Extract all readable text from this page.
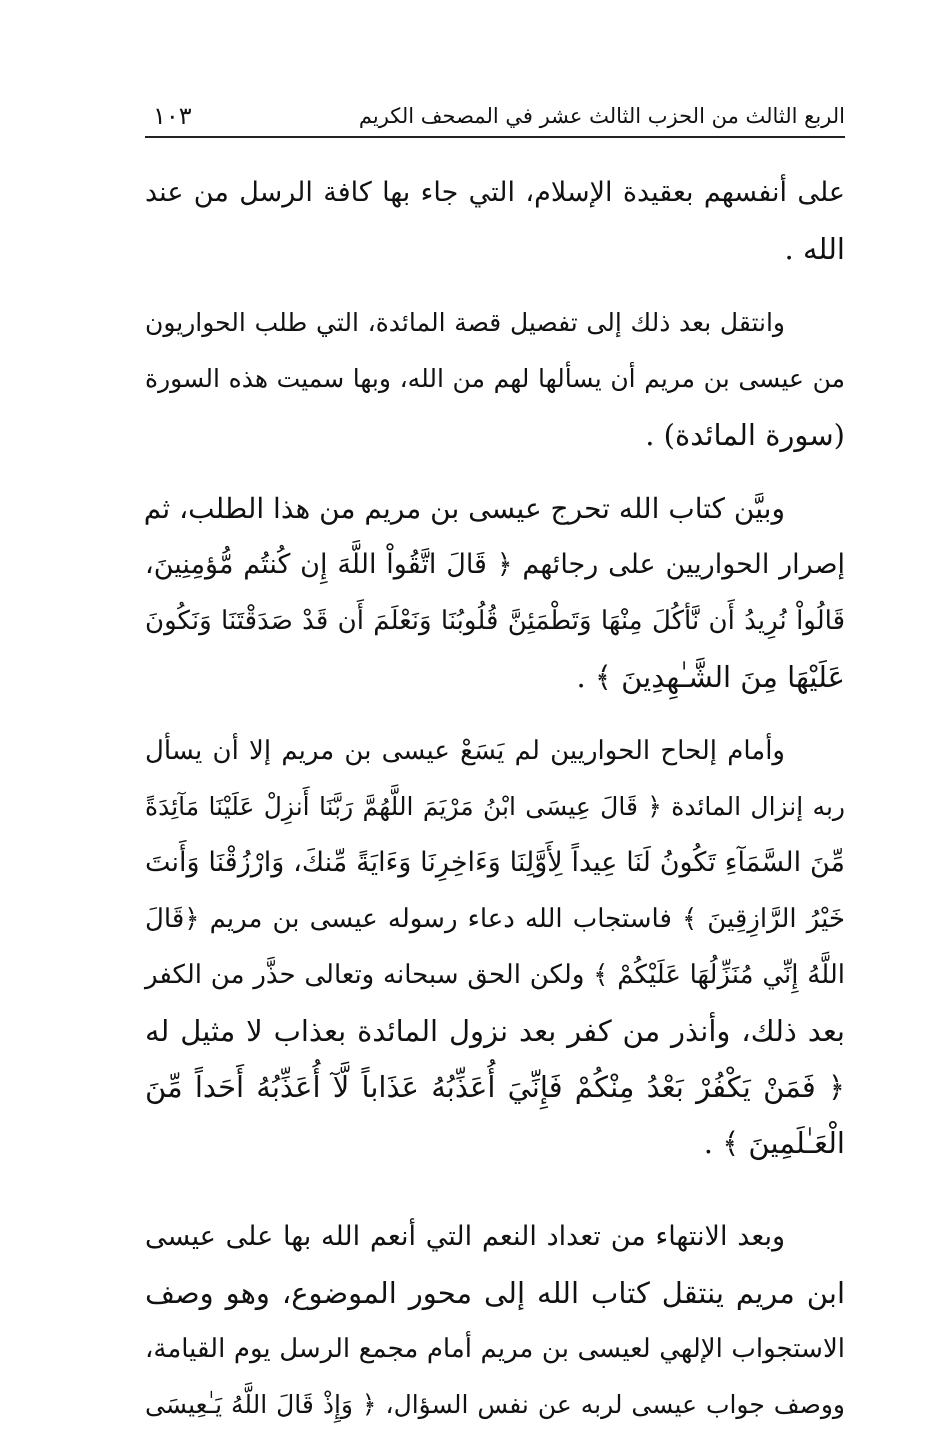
الربع الثالث من الحزب الثالث عشر في المصحف الكريم
١٠٣
على أنفسهم بعقيدة الإسلام، التي جاء بها كافة الرسل من عند
الله .
وانتقل بعد ذلك إلى تفصيل قصة المائدة، التي طلب الحواريون
من عيسى بن مريم أن يسألها لهم من الله، وبها سميت هذه السورة
(سورة المائدة) .
وبيَّن كتاب الله تحرج عيسى بن مريم من هذا الطلب، ثم
إصرار الحواريين على رجائهم ﴿ قَالَ اتَّقُواْ اللَّهَ إِن كُنتُم مُّؤمِنِينَ،
قَالُواْ نُرِيدُ أَن نَّأكُلَ مِنْهَا وَتَطْمَئِنَّ قُلُوبُنَا وَنَعْلَمَ أَن قَدْ صَدَقْتَنَا وَنَكُونَ
عَلَيْهَا مِنَ الشَّـٰهِدِينَ ﴾ .
وأمام إلحاح الحواريين لم يَسَعْ عيسى بن مريم إلا أن يسأل
ربه إنزال المائدة ﴿ قَالَ عِيسَى ابْنُ مَرْيَمَ اللَّهُمَّ رَبَّنَا أَنزِلْ عَلَيْنَا مَآئِدَةً
مِّنَ السَّمَآءِ تَكُونُ لَنَا عِيداً لِأَوَّلِنَا وَءَاخِرِنَا وَءَايَةً مِّنكَ، وَارْزُقْنَا وَأَنتَ
خَيْرُ الرَّازِقِينَ ﴾ فاستجاب الله دعاء رسوله عيسى بن مريم ﴿قَالَ
اللَّهُ إِنِّي مُنَزِّلُهَا عَلَيْكُمْ ﴾ ولكن الحق سبحانه وتعالى حذَّر من الكفر
بعد ذلك، وأنذر من كفر بعد نزول المائدة بعذاب لا مثيل له
﴿ فَمَنْ يَكْفُرْ بَعْدُ مِنْكُمْ فَإِنِّيَ أُعَذِّبُهُ عَذَاباً لَّآ أُعَذِّبُهُ أَحَداً مِّنَ
الْعَـٰلَمِينَ ﴾ .
وبعد الانتهاء من تعداد النعم التي أنعم الله بها على عيسى
ابن مريم ينتقل كتاب الله إلى محور الموضوع، وهو وصف
الاستجواب الإلهي لعيسى بن مريم أمام مجمع الرسل يوم القيامة،
ووصف جواب عيسى لربه عن نفس السؤال، ﴿ وَإِذْ قَالَ اللَّهُ يَـٰعِيسَى
